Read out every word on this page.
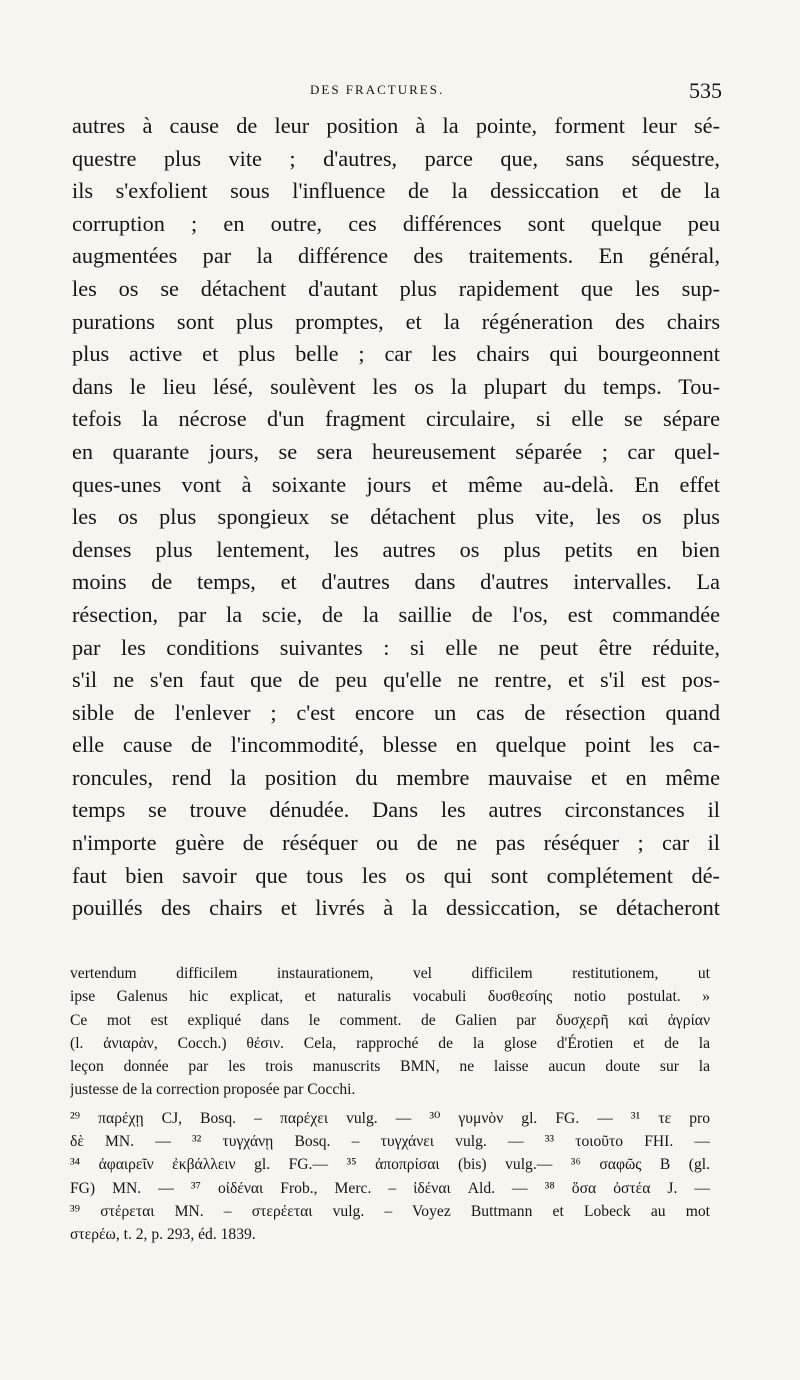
DES FRACTURES.	535
autres à cause de leur position à la pointe, forment leur sé-
questre plus vite ; d'autres, parce que, sans séquestre,
ils s'exfolient sous l'influence de la dessiccation et de la
corruption ; en outre, ces différences sont quelque peu
augmentées par la différence des traitements. En général,
les os se détachent d'autant plus rapidement que les sup-
purations sont plus promptes, et la régéneration des chairs
plus active et plus belle ; car les chairs qui bourgeonnent
dans le lieu lésé, soulèvent les os la plupart du temps. Tou-
tefois la nécrose d'un fragment circulaire, si elle se sépare
en quarante jours, se sera heureusement séparée ; car quel-
ques-unes vont à soixante jours et même au-delà. En effet
les os plus spongieux se détachent plus vite, les os plus
denses plus lentement, les autres os plus petits en bien
moins de temps, et d'autres dans d'autres intervalles. La
résection, par la scie, de la saillie de l'os, est commandée
par les conditions suivantes : si elle ne peut être réduite,
s'il ne s'en faut que de peu qu'elle ne rentre, et s'il est pos-
sible de l'enlever ; c'est encore un cas de résection quand
elle cause de l'incommodité, blesse en quelque point les ca-
roncules, rend la position du membre mauvaise et en même
temps se trouve dénudée. Dans les autres circonstances il
n'importe guère de réséquer ou de ne pas réséquer ; car il
faut bien savoir que tous les os qui sont complétement dé-
pouillés des chairs et livrés à la dessiccation, se détacheront
vertendum difficilem instaurationem, vel difficilem restitutionem, ut
ipse Galenus hic explicat, et naturalis vocabuli δυσθεσίης notio postulat. »
Ce mot est expliqué dans le comment. de Galien par δυσχερῆ καὶ ἀγρίαν
(l. ἀνιαρὰν, Cocch.) θέσιν. Cela, rapproché de la glose d'Érotien et de la
leçon donnée par les trois manuscrits BMN, ne laisse aucun doute sur la
justesse de la correction proposée par Cocchi.
²⁹ παρέχῃ CJ, Bosq. – παρέχει vulg. — ³⁰ γυμνὸν gl. FG. — ³¹ τε pro
δὲ MN. — ³² τυγχάνῃ Bosq. – τυγχάνει vulg. — ³³ τοιοῦτο FHI. —
³⁴ ἀφαιρεῖν ἐκβάλλειν gl. FG.— ³⁵ ἀποπρίσαι (bis) vulg.— ³⁶ σαφῶς B (gl.
FG) MN. — ³⁷ οἰδέναι Frob., Merc. – ἰδέναι Ald. — ³⁸ ὅσα ὀστέα J. —
³⁹ στέρεται MN. – στερέεται vulg. – Voyez Buttmann et Lobeck au mot
στερέω, t. 2, p. 293, éd. 1839.
